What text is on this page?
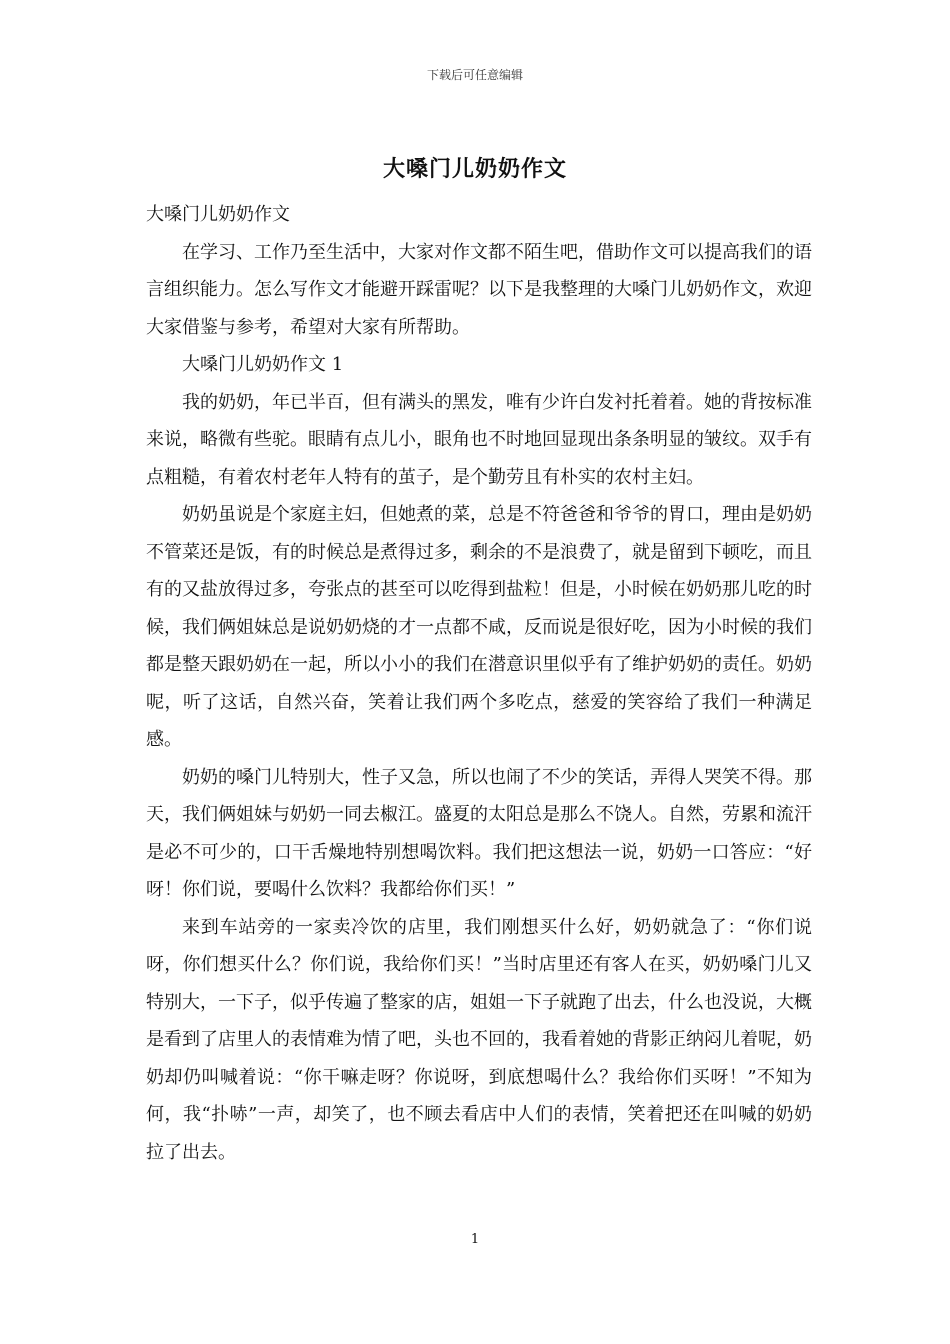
下载后可任意编辑
大嗓门儿奶奶作文

大嗓门儿奶奶作文

在学习、工作乃至生活中，大家对作文都不陌生吧，借助作文可以提高我们的语言组织能力。怎么写作文才能避开踩雷呢？以下是我整理的大嗓门儿奶奶作文，欢迎大家借鉴与参考，希望对大家有所帮助。

大嗓门儿奶奶作文 1

我的奶奶，年已半百，但有满头的黑发，唯有少许白发衬托着着。她的背按标准来说，略微有些驼。眼睛有点儿小，眼角也不时地回显现出条条明显的皱纹。双手有点粗糙，有着农村老年人特有的茧子，是个勤劳且有朴实的农村主妇。

奶奶虽说是个家庭主妇，但她煮的菜，总是不符爸爸和爷爷的胃口，理由是奶奶不管菜还是饭，有的时候总是煮得过多，剩余的不是浪费了，就是留到下顿吃，而且有的又盐放得过多，夸张点的甚至可以吃得到盐粒！但是，小时候在奶奶那儿吃的时候，我们俩姐妹总是说奶奶烧的才一点都不咸，反而说是很好吃，因为小时候的我们都是整天跟奶奶在一起，所以小小的我们在潜意识里似乎有了维护奶奶的责任。奶奶呢，听了这话，自然兴奋，笑着让我们两个多吃点，慈爱的笑容给了我们一种满足感。

奶奶的嗓门儿特别大，性子又急，所以也闹了不少的笑话，弄得人哭笑不得。那天，我们俩姐妹与奶奶一同去椒江。盛夏的太阳总是那么不饶人。自然，劳累和流汗是必不可少的，口干舌燥地特别想喝饮料。我们把这想法一说，奶奶一口答应：“好呀！你们说，要喝什么饮料？我都给你们买！”

来到车站旁的一家卖冷饮的店里，我们刚想买什么好，奶奶就急了：“你们说呀，你们想买什么？你们说，我给你们买！”当时店里还有客人在买，奶奶嗓门儿又特别大，一下子，似乎传遍了整家的店，姐姐一下子就跑了出去，什么也没说，大概是看到了店里人的表情难为情了吧，头也不回的，我看着她的背影正纳闷儿着呢，奶奶却仍叫喊着说：“你干嘛走呀？你说呀，到底想喝什么？我给你们买呀！”不知为何，我“扑哧”一声，却笑了，也不顾去看店中人们的表情，笑着把还在叫喊的奶奶拉了出去。

1
